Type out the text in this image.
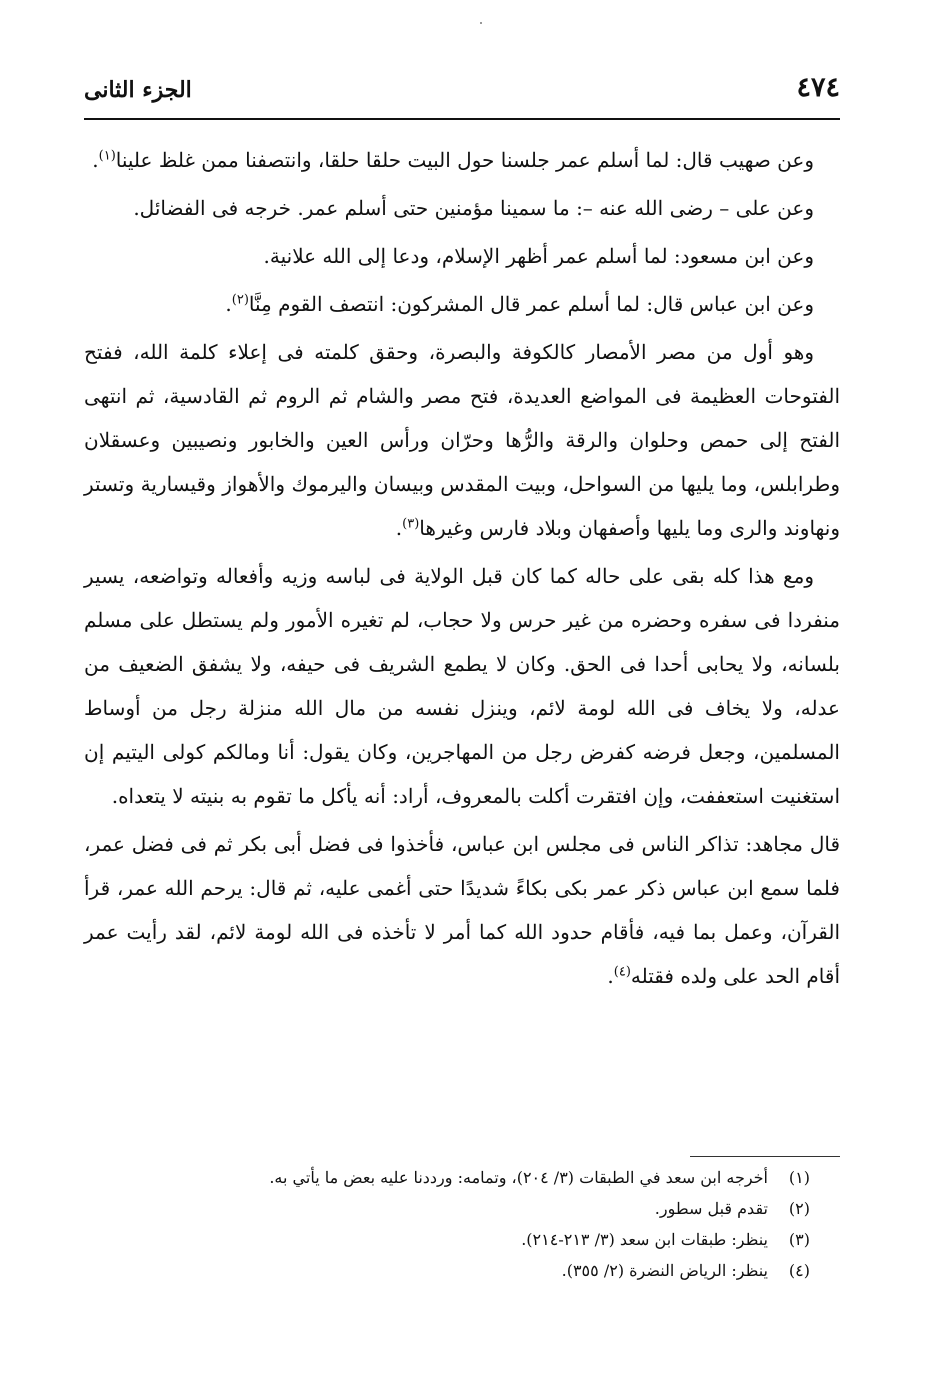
٤٧٤
الجزء الثانى

وعن صهيب قال: لما أسلم عمر جلسنا حول البيت حلقا حلقا، وانتصفنا ممن غلظ علينا$^{(١)}$.

وعن على – رضى الله عنه –: ما سمينا مؤمنين حتى أسلم عمر. خرجه فى الفضائل.

وعن ابن مسعود: لما أسلم عمر أظهر الإسلام، ودعا إلى الله علانية.

وعن ابن عباس قال: لما أسلم عمر قال المشركون: انتصف القوم مِنَّا$^{(٢)}$.

وهو أول من مصر الأمصار كالكوفة والبصرة، وحقق كلمته فى إعلاء كلمة الله، ففتح الفتوحات العظيمة فى المواضع العديدة، فتح مصر والشام ثم الروم ثم القادسية، ثم انتهى الفتح إلى حمص وحلوان والرقة والرُّها وحرّان ورأس العين والخابور ونصيبين وعسقلان وطرابلس، وما يليها من السواحل، وبيت المقدس وبيسان واليرموك والأهواز وقيسارية وتستر ونهاوند والرى وما يليها وأصفهان وبلاد فارس وغيرها$^{(٣)}$.

ومع هذا كله بقى على حاله كما كان قبل الولاية فى لباسه وزيه وأفعاله وتواضعه، يسير منفردا فى سفره وحضره من غير حرس ولا حجاب، لم تغيره الأمور ولم يستطل على مسلم بلسانه، ولا يحابى أحدا فى الحق. وكان لا يطمع الشريف فى حيفه، ولا يشفق الضعيف من عدله، ولا يخاف فى الله لومة لائم، وينزل نفسه من مال الله منزلة رجل من أوساط المسلمين، وجعل فرضه كفرض رجل من المهاجرين، وكان يقول: أنا ومالكم كولى اليتيم إن استغنيت استعففت، وإن افتقرت أكلت بالمعروف، أراد: أنه يأكل ما تقوم به بنيته لا يتعداه.

قال مجاهد: تذاكر الناس فى مجلس ابن عباس، فأخذوا فى فضل أبى بكر ثم فى فضل عمر، فلما سمع ابن عباس ذكر عمر بكى بكاءً شديدًا حتى أغمى عليه، ثم قال: يرحم الله عمر، قرأ القرآن، وعمل بما فيه، فأقام حدود الله كما أمر لا تأخذه فى الله لومة لائم، لقد رأيت عمر أقام الحد على ولده فقتله$^{(٤)}$.

(١)
أخرجه ابن سعد في الطبقات (٣/ ٢٠٤)، وتمامه: ورددنا عليه بعض ما يأتي به.
(٢)
تقدم قبل سطور.
(٣)
ينظر: طبقات ابن سعد (٣/ ٢١٣-٢١٤).
(٤)
ينظر: الرياض النضرة (٢/ ٣٥٥).
